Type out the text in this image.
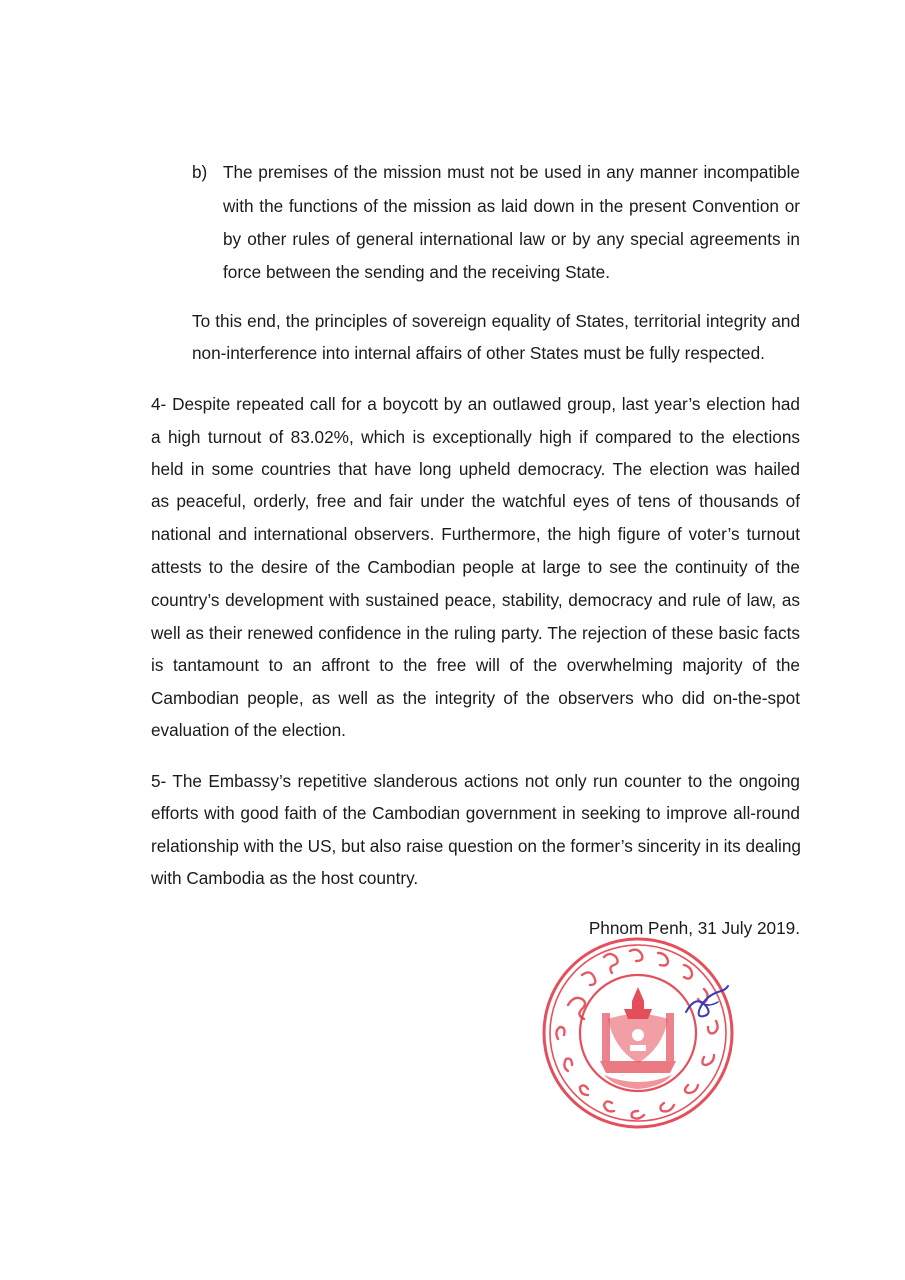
b) The premises of the mission must not be used in any manner incompatible
with the functions of the mission as laid down in the present Convention or
by other rules of general international law or by any special agreements in
force between the sending and the receiving State.
To this end, the principles of sovereign equality of States, territorial integrity and
non-interference into internal affairs of other States must be fully respected.
4- Despite repeated call for a boycott by an outlawed group, last year’s election had
a high turnout of 83.02%, which is exceptionally high if compared to the elections
held in some countries that have long upheld democracy. The election was hailed
as peaceful, orderly, free and fair under the watchful eyes of tens of thousands of
national and international observers. Furthermore, the high figure of voter’s turnout
attests to the desire of the Cambodian people at large to see the continuity of the
country’s development with sustained peace, stability, democracy and rule of law, as
well as their renewed confidence in the ruling party. The rejection of these basic facts
is tantamount to an affront to the free will of the overwhelming majority of the
Cambodian people, as well as the integrity of the observers who did on-the-spot
evaluation of the election.
5- The Embassy’s repetitive slanderous actions not only run counter to the ongoing
efforts with good faith of the Cambodian government in seeking to improve all-round
relationship with the US, but also raise question on the former’s sincerity in its dealing
with Cambodia as the host country.
Phnom Penh, 31 July 2019.
